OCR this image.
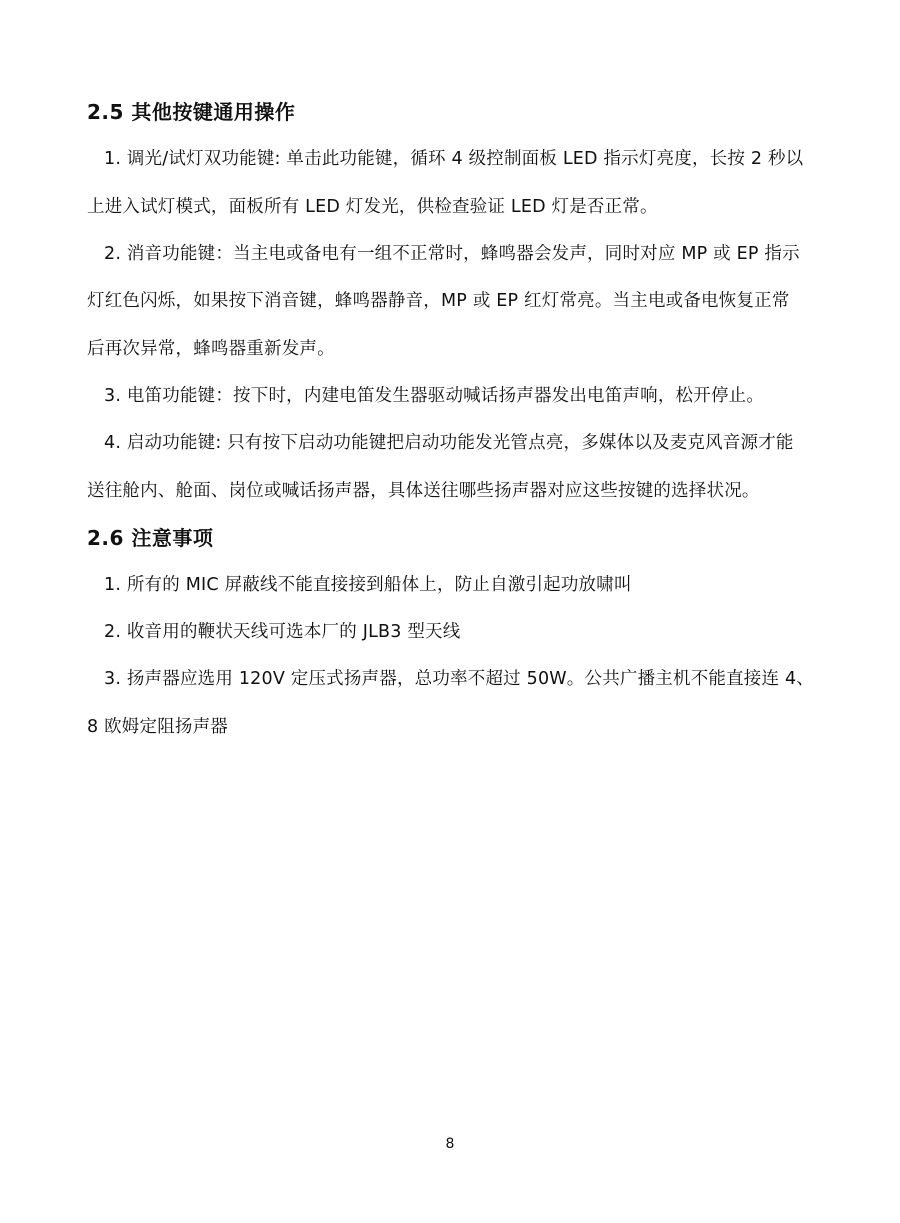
2.5 其他按键通用操作
1. 调光/试灯双功能键: 单击此功能键，循环 4 级控制面板 LED 指示灯亮度，长按 2 秒以
上进入试灯模式，面板所有 LED 灯发光，供检查验证 LED 灯是否正常。
2. 消音功能键：当主电或备电有一组不正常时，蜂鸣器会发声，同时对应 MP 或 EP 指示
灯红色闪烁，如果按下消音键，蜂鸣器静音，MP 或 EP 红灯常亮。当主电或备电恢复正常
后再次异常，蜂鸣器重新发声。
3. 电笛功能键：按下时，内建电笛发生器驱动喊话扬声器发出电笛声响，松开停止。
4. 启动功能键: 只有按下启动功能键把启动功能发光管点亮，多媒体以及麦克风音源才能
送往舱内、舱面、岗位或喊话扬声器，具体送往哪些扬声器对应这些按键的选择状况。
2.6 注意事项
1. 所有的 MIC 屏蔽线不能直接接到船体上，防止自激引起功放啸叫
2. 收音用的鞭状天线可选本厂的 JLB3 型天线
3. 扬声器应选用 120V 定压式扬声器，总功率不超过 50W。公共广播主机不能直接连 4、
8 欧姆定阻扬声器
8
